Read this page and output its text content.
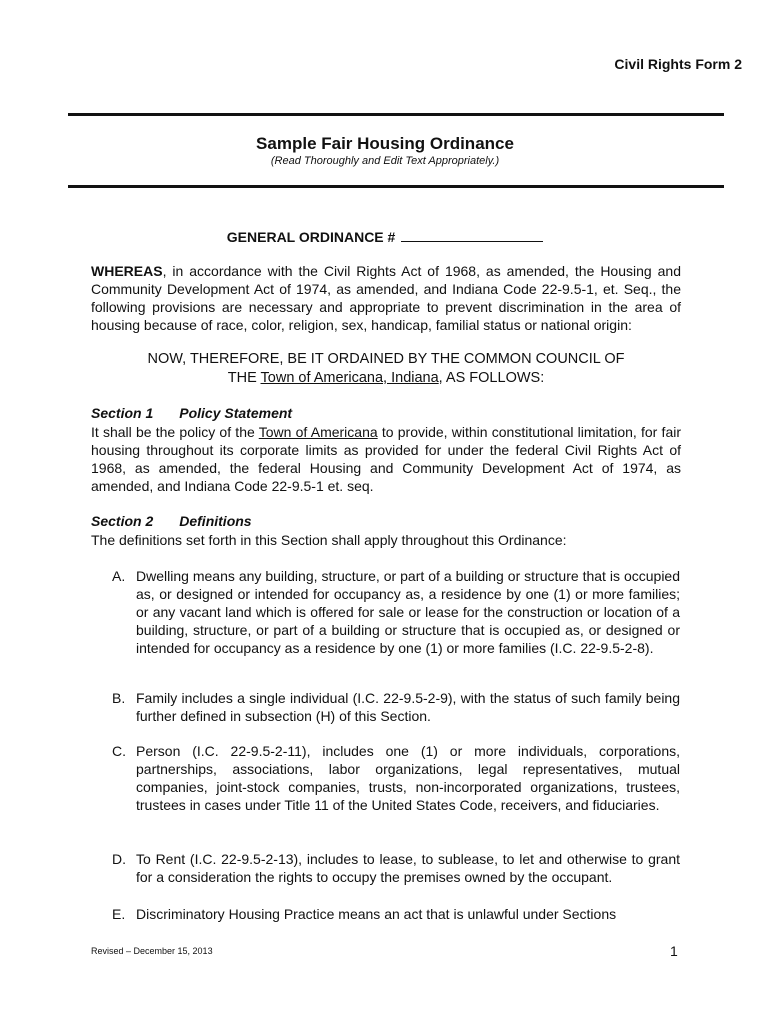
Civil Rights Form 2
Sample Fair Housing Ordinance
(Read Thoroughly and Edit Text Appropriately.)
GENERAL ORDINANCE #
WHEREAS, in accordance with the Civil Rights Act of 1968, as amended, the Housing and Community Development Act of 1974, as amended, and Indiana Code 22-9.5-1, et. Seq., the following provisions are necessary and appropriate to prevent discrimination in the area of housing because of race, color, religion, sex, handicap, familial status or national origin:
NOW, THEREFORE, BE IT ORDAINED BY THE COMMON COUNCIL OF
THE Town of Americana, Indiana, AS FOLLOWS:
Section 1 Policy Statement
It shall be the policy of the Town of Americana to provide, within constitutional limitation, for fair housing throughout its corporate limits as provided for under the federal Civil Rights Act of 1968, as amended, the federal Housing and Community Development Act of 1974, as amended, and Indiana Code 22-9.5-1 et. seq.
Section 2 Definitions
The definitions set forth in this Section shall apply throughout this Ordinance:
A. Dwelling means any building, structure, or part of a building or structure that is occupied as, or designed or intended for occupancy as, a residence by one (1) or more families; or any vacant land which is offered for sale or lease for the construction or location of a building, structure, or part of a building or structure that is occupied as, or designed or intended for occupancy as a residence by one (1) or more families (I.C. 22-9.5-2-8).
B. Family includes a single individual (I.C. 22-9.5-2-9), with the status of such family being further defined in subsection (H) of this Section.
C. Person (I.C. 22-9.5-2-11), includes one (1) or more individuals, corporations, partnerships, associations, labor organizations, legal representatives, mutual companies, joint-stock companies, trusts, non-incorporated organizations, trustees, trustees in cases under Title 11 of the United States Code, receivers, and fiduciaries.
D. To Rent (I.C. 22-9.5-2-13), includes to lease, to sublease, to let and otherwise to grant for a consideration the rights to occupy the premises owned by the occupant.
E. Discriminatory Housing Practice means an act that is unlawful under Sections
Revised – December 15, 2013	1
